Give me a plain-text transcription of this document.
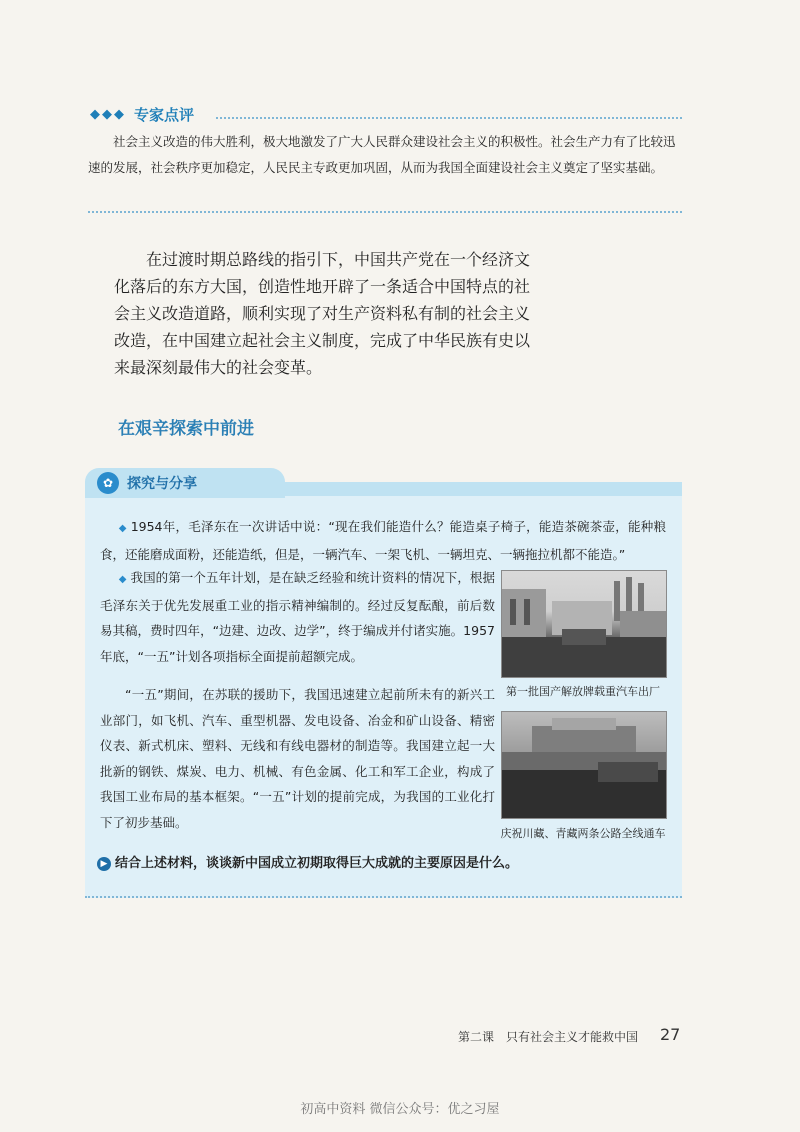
◆◆◆ 专家点评
社会主义改造的伟大胜利，极大地激发了广大人民群众建设社会主义的积极性。社会生产力有了比较迅速的发展，社会秩序更加稳定，人民民主专政更加巩固，从而为我国全面建设社会主义奠定了坚实基础。
在过渡时期总路线的指引下，中国共产党在一个经济文化落后的东方大国，创造性地开辟了一条适合中国特点的社会主义改造道路，顺利实现了对生产资料私有制的社会主义改造，在中国建立起社会主义制度，完成了中华民族有史以来最深刻最伟大的社会变革。
在艰辛探索中前进
✿ 探究与分享
◆ 1954年，毛泽东在一次讲话中说：“现在我们能造什么？能造桌子椅子，能造茶碗茶壶，能种粮食，还能磨成面粉，还能造纸，但是，一辆汽车、一架飞机、一辆坦克、一辆拖拉机都不能造。”
◆ 我国的第一个五年计划，是在缺乏经验和统计资料的情况下，根据毛泽东关于优先发展重工业的指示精神编制的。经过反复酝酿，前后数易其稿，费时四年，“边建、边改、边学”，终于编成并付诸实施。1957年底，“一五”计划各项指标全面提前超额完成。
“一五”期间，在苏联的援助下，我国迅速建立起前所未有的新兴工业部门，如飞机、汽车、重型机器、发电设备、冶金和矿山设备、精密仪表、新式机床、塑料、无线和有线电器材的制造等。我国建立起一大批新的钢铁、煤炭、电力、机械、有色金属、化工和军工企业，构成了我国工业布局的基本框架。“一五”计划的提前完成，为我国的工业化打下了初步基础。
第一批国产解放牌载重汽车出厂
庆祝川藏、青藏两条公路全线通车
▶ 结合上述材料，谈谈新中国成立初期取得巨大成就的主要原因是什么。
第二课　只有社会主义才能救中国 27
初高中资料 微信公众号：优之习屋
